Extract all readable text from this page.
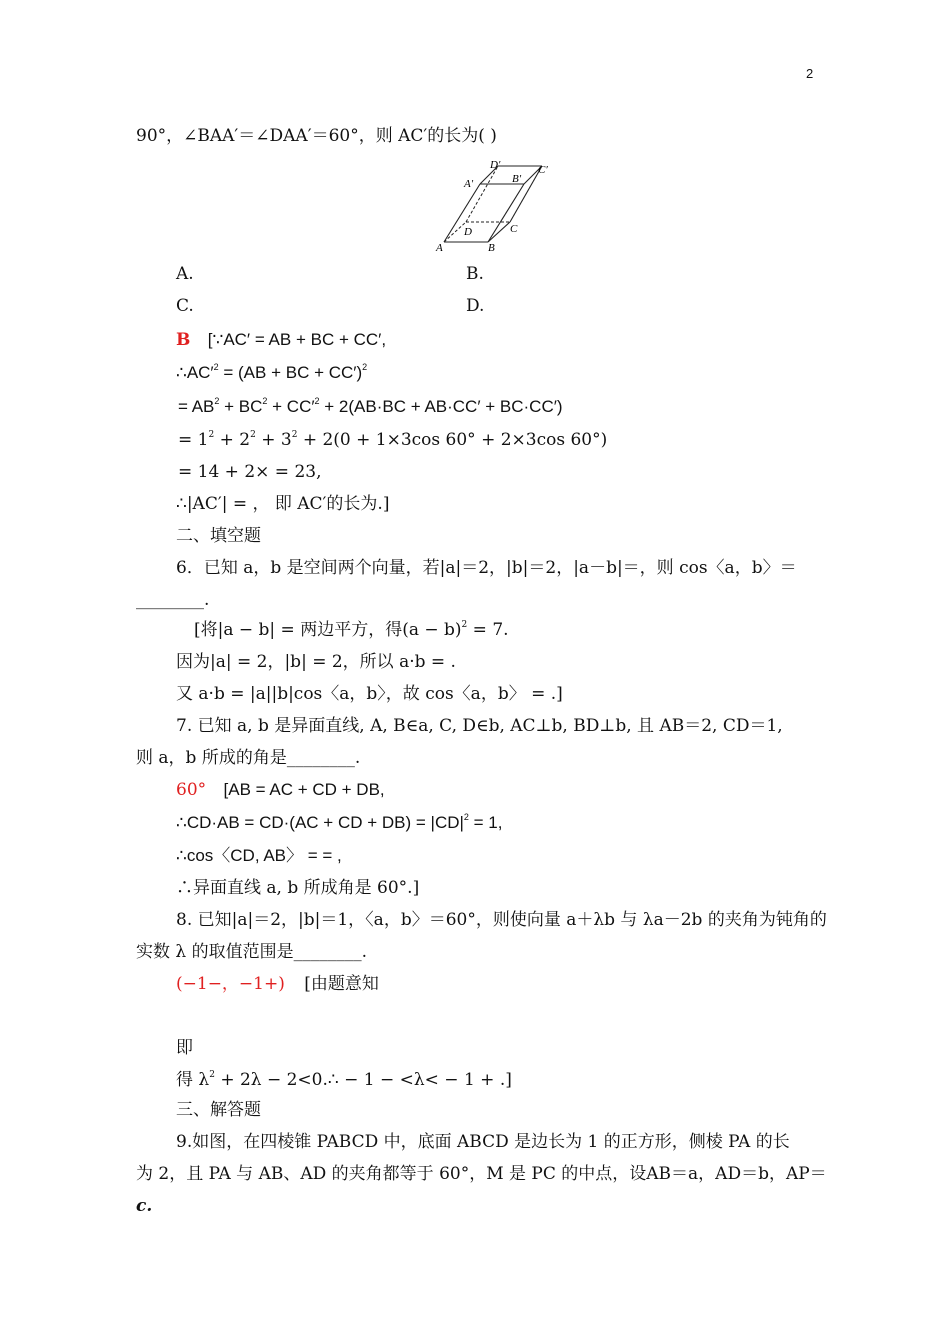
2
90°，∠BAA′＝∠DAA′＝60°，则 AC′的长为( )
A	B
C
D
A′	B′
C′
D′
A.	B.
C.	D.
B [∵AC′ = AB + BC + CC′,
$\therefore AC'^2 = (AB$ + BC + CC′)$^2$
= $AB^2 + BC^2 + CC'^2 + 2(AB\cdot BC + AB\cdot CC' + BC\cdot CC')$
= $1^2 + 2^2 + 3^2 + 2(0 + 1\times 3\cos$ 60° + 2×3cos 60°)
= 14 + 2× = 23,
∴|AC′| = ， 即 AC′的长为.]
二、填空题
6．已知 a，b 是空间两个向量，若|a|＝2，|b|＝2，|a－b|＝，则 cos〈a，b〉＝
________.
[将|a − b| = 两边平方，得$(a - b)^2 = 7$.
因为|a| = 2，|b| = 2，所以 a·b = .
又 a·b = |a||b|cos〈a，b〉，故 cos〈a，b〉 = .]
7. 已知 a, b 是异面直线, A, B∈a, C, D∈b, AC⊥b, BD⊥b, 且 AB＝2, CD＝1,
则 a，b 所成的角是________.
60° [AB = AC + CD + DB,
∴CD·AB = CD·(AC + CD + $DB) = |CD|^2 = 1$,
∴cos〈CD, AB〉 = = ,
∴异面直线 a, b 所成角是 60°.]
8. 已知|a|＝2，|b|＝1，〈a，b〉＝60°，则使向量 a＋λb 与 λa－2b 的夹角为钝角的
实数 λ 的取值范围是________.
(−1−，−1+) [由题意知
即
得 $\lambda^2 + 2\lambda$ − 2<0.∴ − 1 − <λ< − 1 + .]
三、解答题
9.如图，在四棱锥 PABCD 中，底面 ABCD 是边长为 1 的正方形，侧棱 PA 的长
为 2，且 PA 与 AB、AD 的夹角都等于 60°，M 是 PC 的中点，设AB＝a，AD＝b，AP＝
c.
